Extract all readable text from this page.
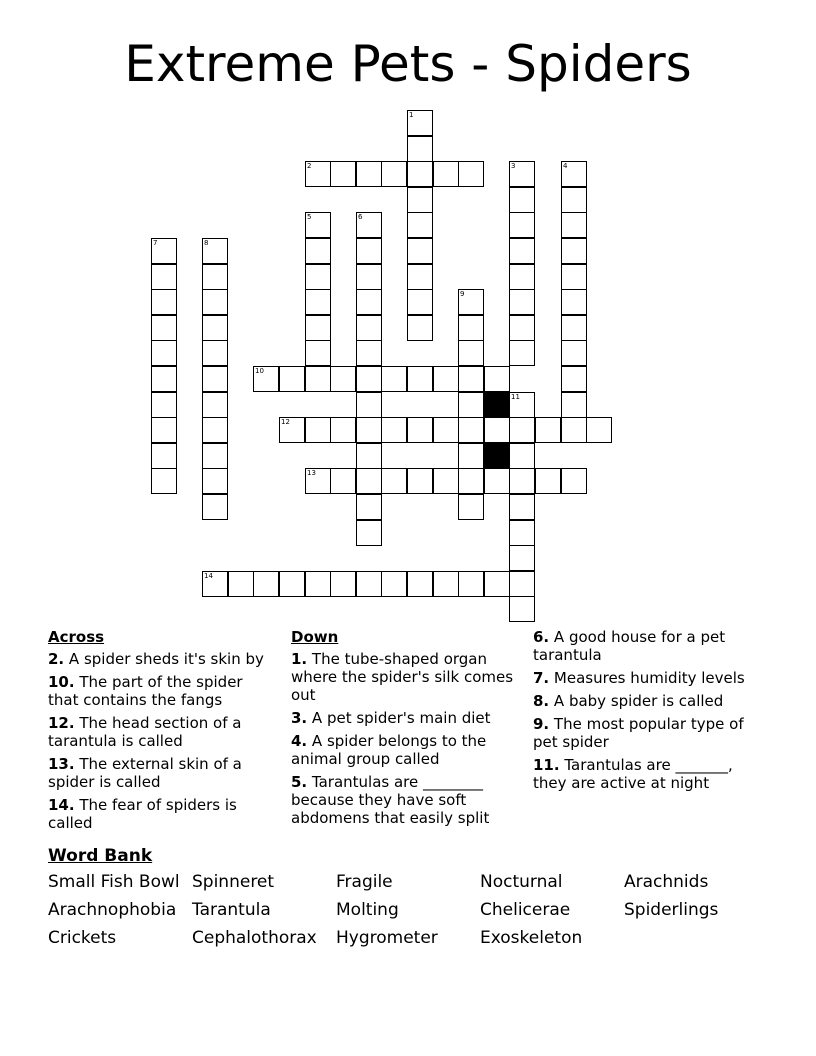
Extreme Pets - Spiders
1
2	3	4
5	6
7	8
9
10
11
12
13
14
Across
2. A spider sheds it's skin by
10. The part of the spider that contains the fangs
12. The head section of a tarantula is called
13. The external skin of a spider is called
14. The fear of spiders is called
Down
1. The tube-shaped organ where the spider's silk comes out
3. A pet spider's main diet
4. A spider belongs to the animal group called
5. Tarantulas are ________ because they have soft abdomens that easily split
6. A good house for a pet tarantula
7. Measures humidity levels
8. A baby spider is called
9. The most popular type of pet spider
11. Tarantulas are _______, they are active at night
Word Bank
Small Fish Bowl Spinneret	Fragile	Nocturnal	Arachnids
Arachnophobia Tarantula	Molting	Chelicerae	Spiderlings
Crickets	Cephalothorax	Hygrometer	Exoskeleton
